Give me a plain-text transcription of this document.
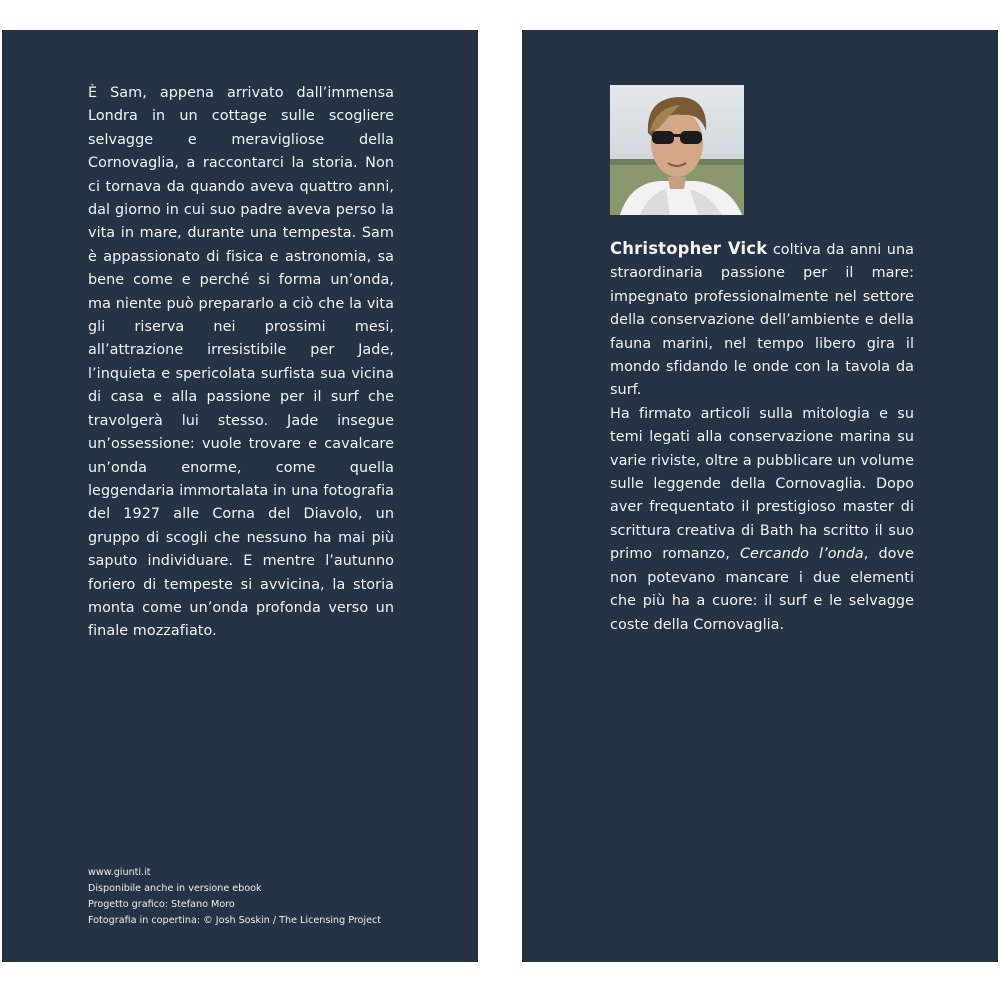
È Sam, appena arrivato dall’immensa Londra in un cottage sulle scogliere selvagge e meravigliose della Cornovaglia, a raccontarci la storia. Non ci tornava da quando aveva quattro anni, dal giorno in cui suo padre aveva perso la vita in mare, durante una tempesta. Sam è appassionato di fisica e astronomia, sa bene come e perché si forma un’onda, ma niente può prepararlo a ciò che la vita gli riserva nei prossimi mesi, all’attrazione irresistibile per Jade, l’inquieta e spericolata surfista sua vicina di casa e alla passione per il surf che travolgerà lui stesso. Jade insegue un’ossessione: vuole trovare e cavalcare un’onda enorme, come quella leggendaria immortalata in una fotografia del 1927 alle Corna del Diavolo, un gruppo di scogli che nessuno ha mai più saputo individuare. E mentre l’autunno foriero di tempeste si avvicina, la storia monta come un’onda profonda verso un finale mozzafiato.

www.giunti.it
Disponibile anche in versione ebook
Progetto grafico: Stefano Moro
Fotografia in copertina: © Josh Soskin / The Licensing Project

Christopher Vick coltiva da anni una straordinaria passione per il mare: impegnato professionalmente nel settore della conservazione dell’ambiente e della fauna marini, nel tempo libero gira il mondo sfidando le onde con la tavola da surf.

Ha firmato articoli sulla mitologia e su temi legati alla conservazione marina su varie riviste, oltre a pubblicare un volume sulle leggende della Cornovaglia. Dopo aver frequentato il prestigioso master di scrittura creativa di Bath ha scritto il suo primo romanzo, Cercando l’onda, dove non potevano mancare i due elementi che più ha a cuore: il surf e le selvagge coste della Cornovaglia.
